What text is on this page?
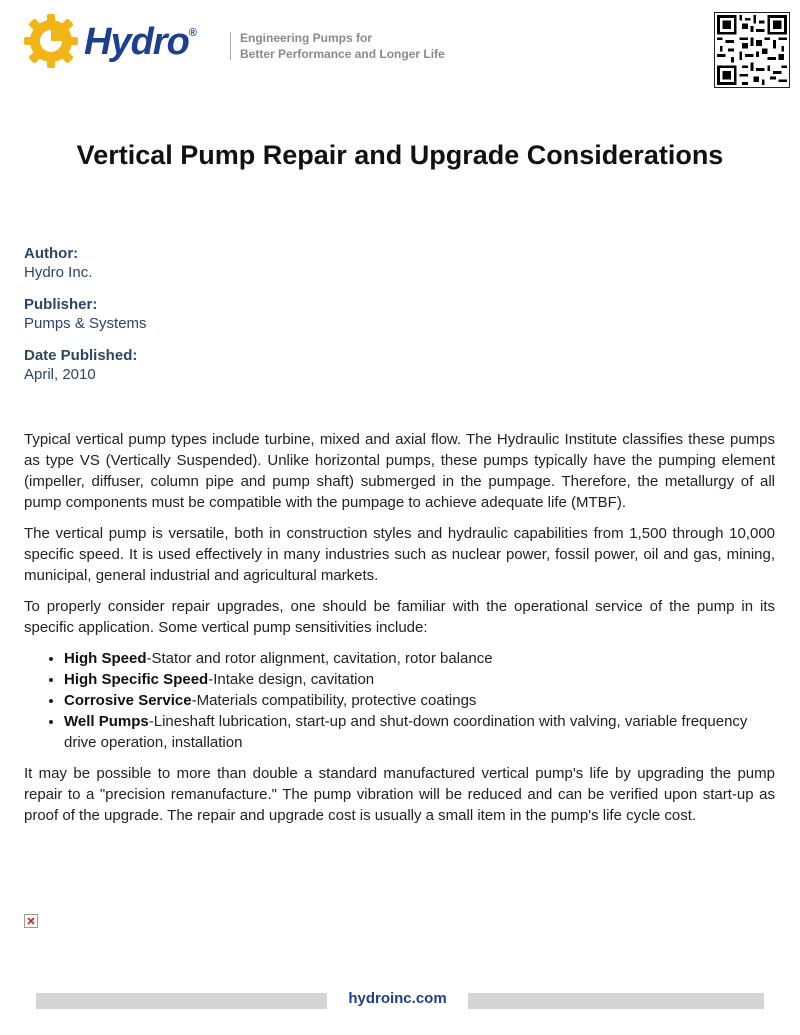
Hydro®	Engineering Pumps for
Better Performance and Longer Life
Vertical Pump Repair and Upgrade Considerations
Author:
Hydro Inc.
Publisher:
Pumps & Systems
Date Published:
April, 2010

Typical vertical pump types include turbine, mixed and axial flow. The Hydraulic Institute classifies these pumps as type VS (Vertically Suspended). Unlike horizontal pumps, these pumps typically have the pumping element (impeller, diffuser, column pipe and pump shaft) submerged in the pumpage. Therefore, the metallurgy of all pump components must be compatible with the pumpage to achieve adequate life (MTBF).

The vertical pump is versatile, both in construction styles and hydraulic capabilities from 1,500 through 10,000 specific speed. It is used effectively in many industries such as nuclear power, fossil power, oil and gas, mining, municipal, general industrial and agricultural markets.

To properly consider repair upgrades, one should be familiar with the operational service of the pump in its specific application. Some vertical pump sensitivities include:

• High Speed-Stator and rotor alignment, cavitation, rotor balance
• High Specific Speed-Intake design, cavitation
• Corrosive Service-Materials compatibility, protective coatings
• Well Pumps-Lineshaft lubrication, start-up and shut-down coordination with valving, variable frequency drive operation, installation

It may be possible to more than double a standard manufactured vertical pump's life by upgrading the pump repair to a "precision remanufacture." The pump vibration will be reduced and can be verified upon start-up as proof of the upgrade. The repair and upgrade cost is usually a small item in the pump's life cycle cost.

hydroinc.com
